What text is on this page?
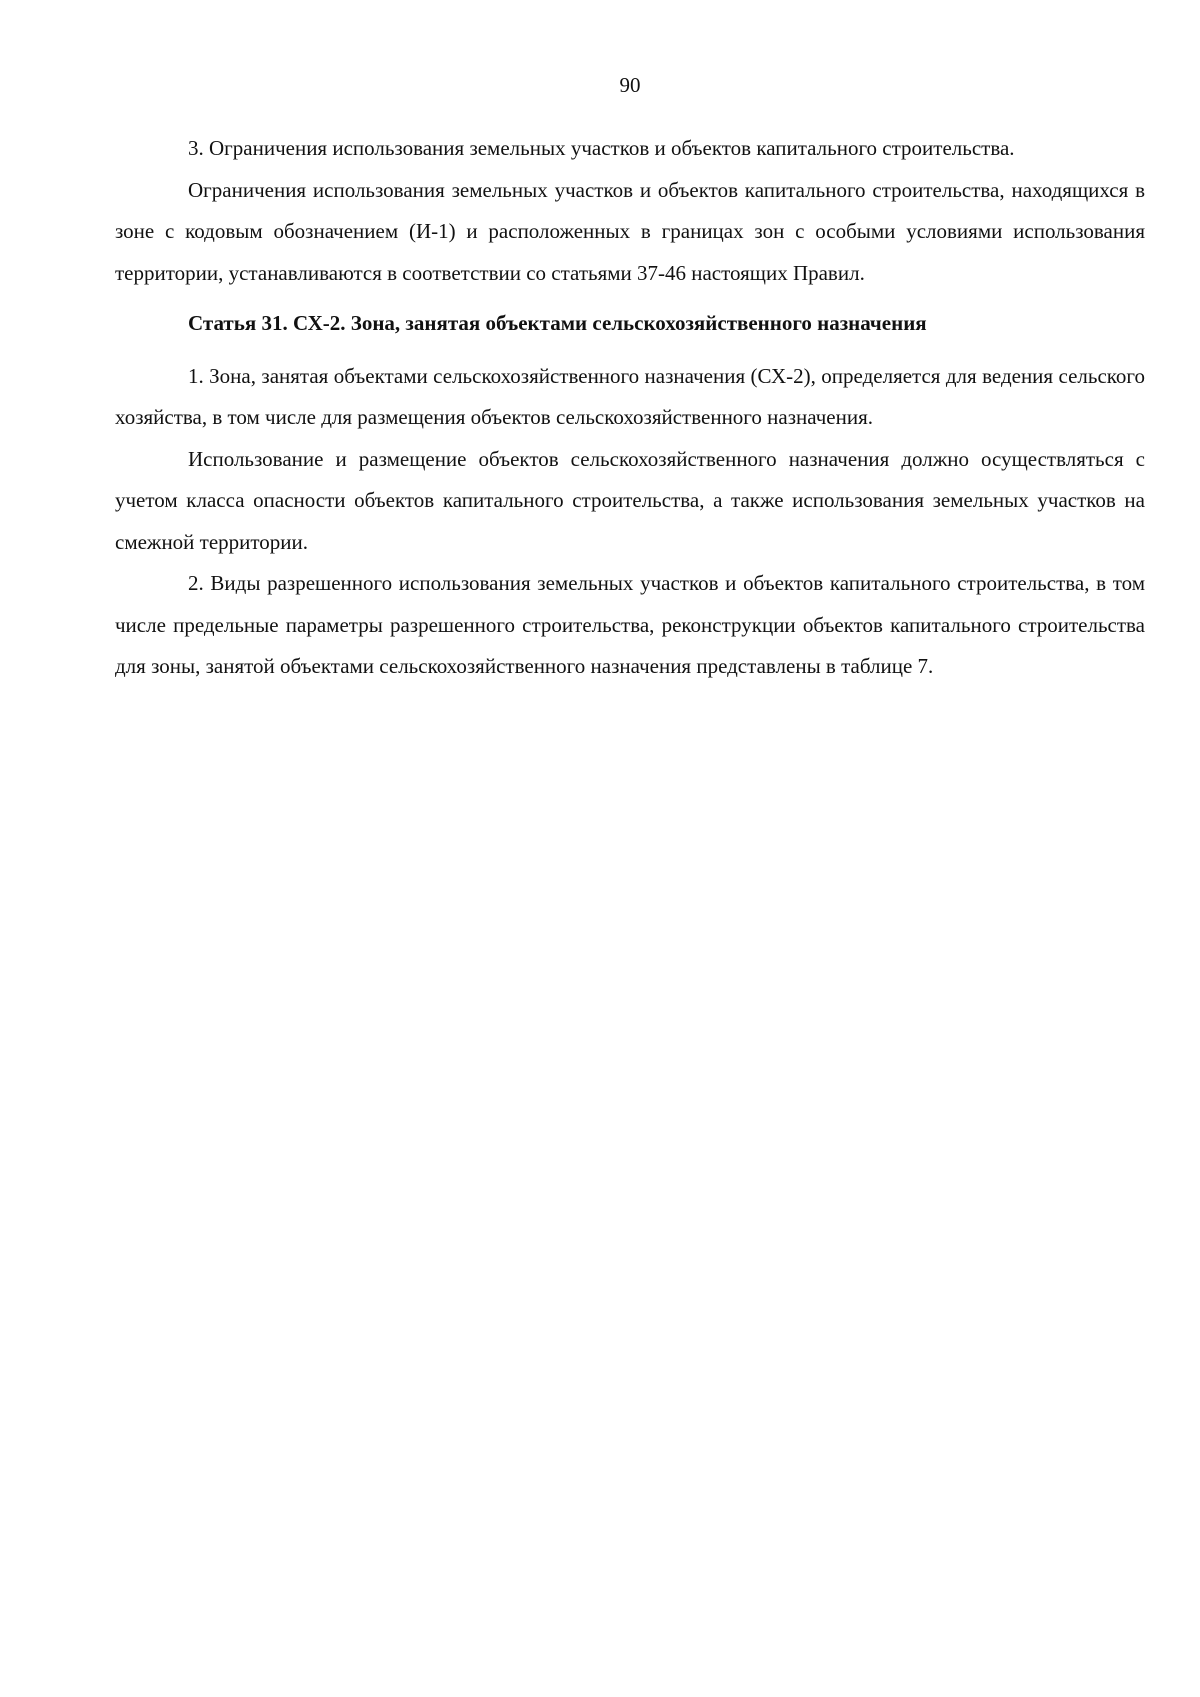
90

3. Ограничения использования земельных участков и объектов капитального строительства.

Ограничения использования земельных участков и объектов капитального строительства, находящихся в зоне с кодовым обозначением (И-1) и расположенных в границах зон с особыми условиями использования территории, устанавливаются в соответствии со статьями 37-46 настоящих Правил.

Статья 31. СХ-2. Зона, занятая объектами сельскохозяйственного назначения

1. Зона, занятая объектами сельскохозяйственного назначения (СХ-2), определяется для ведения сельского хозяйства, в том числе для размещения объектов сельскохозяйственного назначения.

Использование и размещение объектов сельскохозяйственного назначения должно осуществляться с учетом класса опасности объектов капитального строительства, а также использования земельных участков на смежной территории.

2. Виды разрешенного использования земельных участков и объектов капитального строительства, в том числе предельные параметры разрешенного строительства, реконструкции объектов капитального строительства для зоны, занятой объектами сельскохозяйственного назначения представлены в таблице 7.
